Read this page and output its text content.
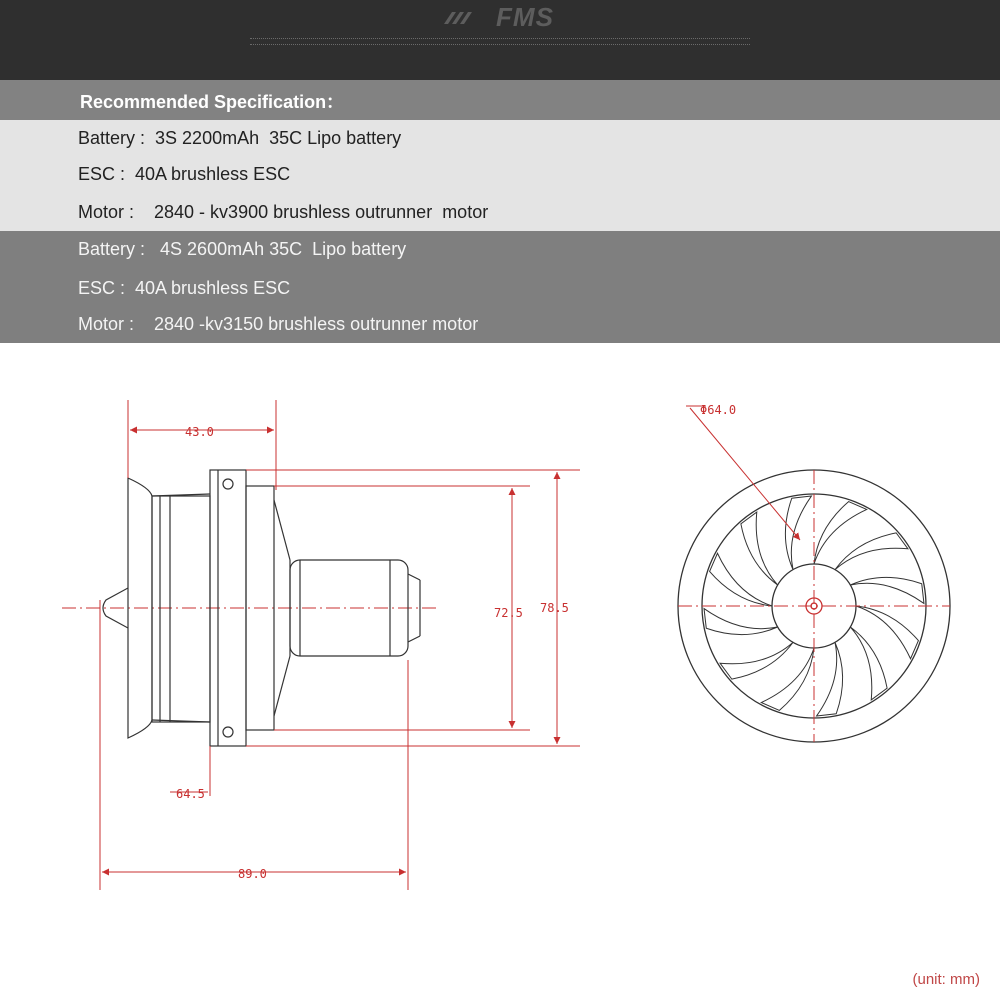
FMS
Recommended Specification：
Battery :  3S 2200mAh  35C Lipo battery
ESC :  40A brushless ESC
Motor :    2840 - kv3900 brushless outrunner  motor
Battery :   4S 2600mAh 35C  Lipo battery
ESC :  40A brushless ESC
Motor :    2840 -kv3150 brushless outrunner motor
43.0
89.0
64.5
72.5 78.5
Φ64.0
(unit: mm)
